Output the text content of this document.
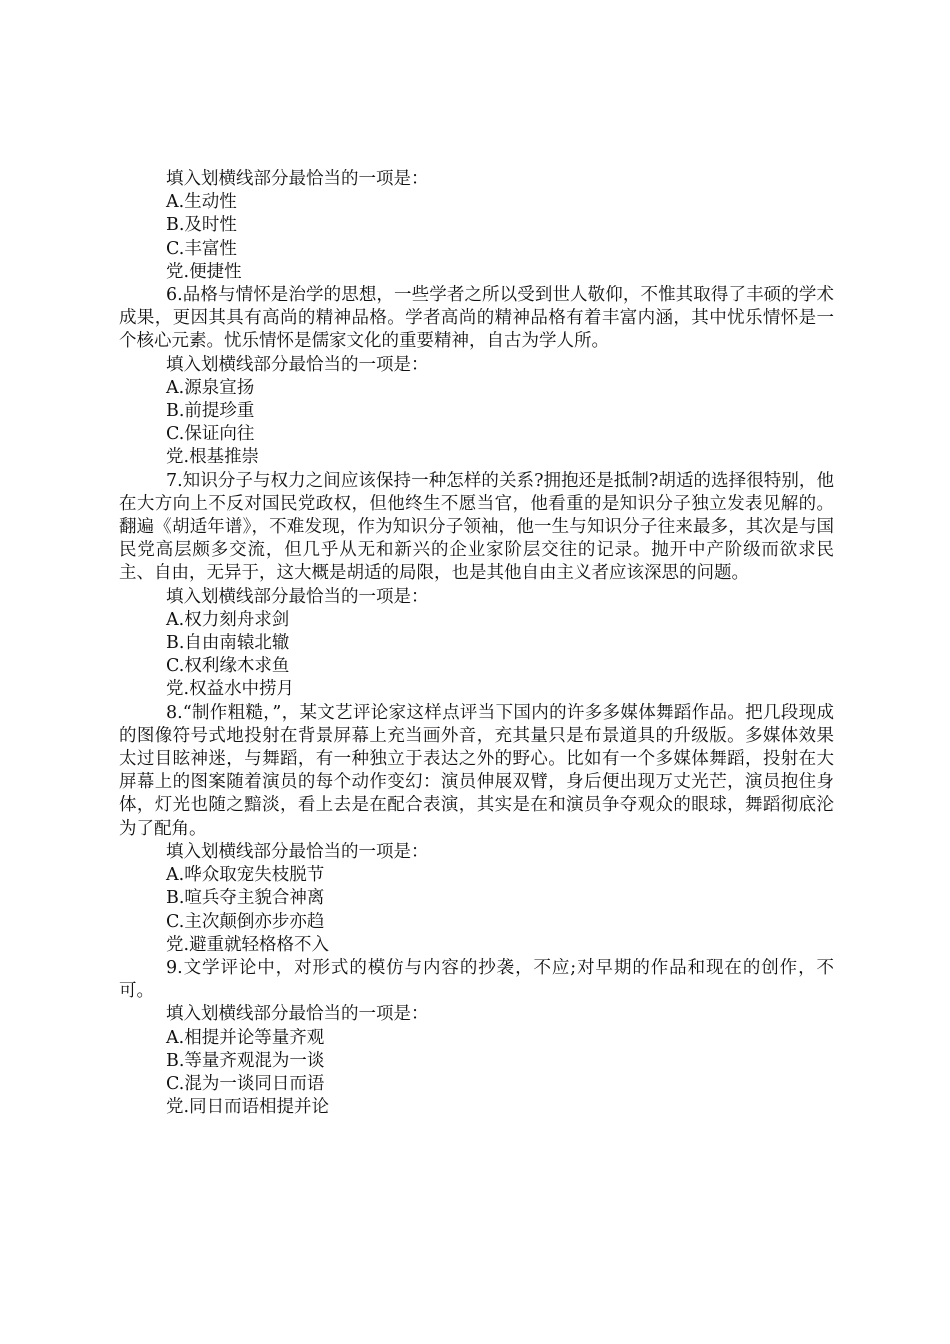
填入划横线部分最恰当的一项是：

A.生动性

B.及时性

C.丰富性

党.便捷性

6.品格与情怀是治学的思想，一些学者之所以受到世人敬仰，不惟其取得了丰硕的学术成果，更因其具有高尚的精神品格。学者高尚的精神品格有着丰富内涵，其中忧乐情怀是一个核心元素。忧乐情怀是儒家文化的重要精神，自古为学人所。

填入划横线部分最恰当的一项是：

A.源泉宣扬

B.前提珍重

C.保证向往

党.根基推崇

7.知识分子与权力之间应该保持一种怎样的关系?拥抱还是抵制?胡适的选择很特别，他在大方向上不反对国民党政权，但他终生不愿当官，他看重的是知识分子独立发表见解的。翻遍《胡适年谱》，不难发现，作为知识分子领袖，他一生与知识分子往来最多，其次是与国民党高层颇多交流，但几乎从无和新兴的企业家阶层交往的记录。抛开中产阶级而欲求民主、自由，无异于，这大概是胡适的局限，也是其他自由主义者应该深思的问题。

填入划横线部分最恰当的一项是：

A.权力刻舟求剑

B.自由南辕北辙

C.权利缘木求鱼

党.权益水中捞月

8.“制作粗糙，”，某文艺评论家这样点评当下国内的许多多媒体舞蹈作品。把几段现成的图像符号式地投射在背景屏幕上充当画外音，充其量只是布景道具的升级版。多媒体效果太过目眩神迷，与舞蹈，有一种独立于表达之外的野心。比如有一个多媒体舞蹈，投射在大屏幕上的图案随着演员的每个动作变幻：演员伸展双臂，身后便出现万丈光芒，演员抱住身体，灯光也随之黯淡，看上去是在配合表演，其实是在和演员争夺观众的眼球，舞蹈彻底沦为了配角。

填入划横线部分最恰当的一项是：

A.哗众取宠失枝脱节

B.喧兵夺主貌合神离

C.主次颠倒亦步亦趋

党.避重就轻格格不入

9.文学评论中，对形式的模仿与内容的抄袭，不应;对早期的作品和现在的创作，不可。

填入划横线部分最恰当的一项是：

A.相提并论等量齐观

B.等量齐观混为一谈

C.混为一谈同日而语

党.同日而语相提并论
